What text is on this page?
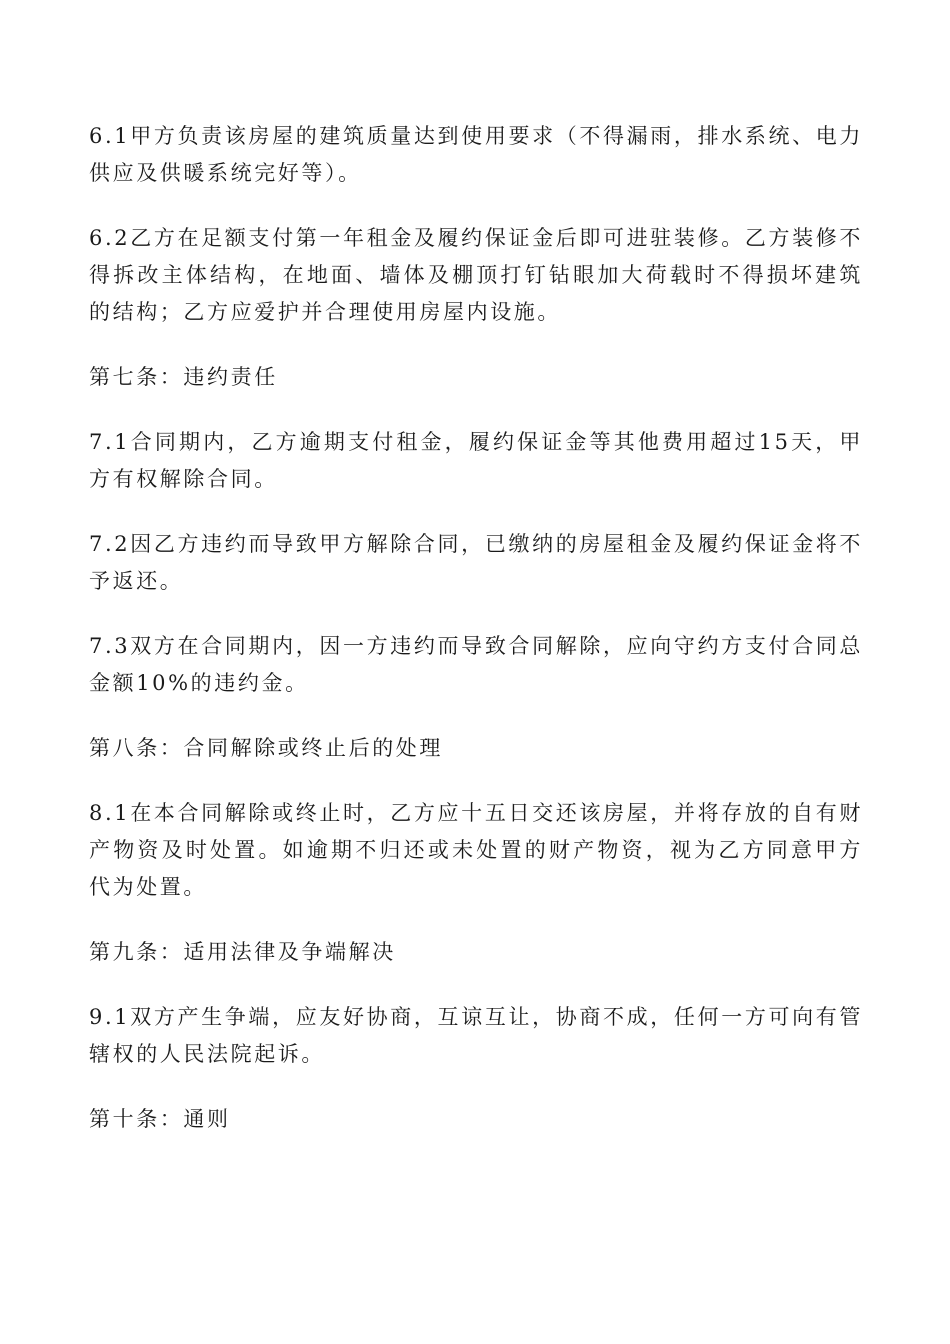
6.1甲方负责该房屋的建筑质量达到使用要求（不得漏雨，排水系统、电力供应及供暖系统完好等）。

6.2乙方在足额支付第一年租金及履约保证金后即可进驻装修。乙方装修不得拆改主体结构，在地面、墙体及棚顶打钉钻眼加大荷载时不得损坏建筑的结构；乙方应爱护并合理使用房屋内设施。

第七条：违约责任

7.1合同期内，乙方逾期支付租金，履约保证金等其他费用超过15天，甲方有权解除合同。

7.2因乙方违约而导致甲方解除合同，已缴纳的房屋租金及履约保证金将不予返还。

7.3双方在合同期内，因一方违约而导致合同解除，应向守约方支付合同总金额10%的违约金。

第八条：合同解除或终止后的处理

8.1在本合同解除或终止时，乙方应十五日交还该房屋，并将存放的自有财产物资及时处置。如逾期不归还或未处置的财产物资，视为乙方同意甲方代为处置。

第九条：适用法律及争端解决

9.1双方产生争端，应友好协商，互谅互让，协商不成，任何一方可向有管辖权的人民法院起诉。

第十条：通则
